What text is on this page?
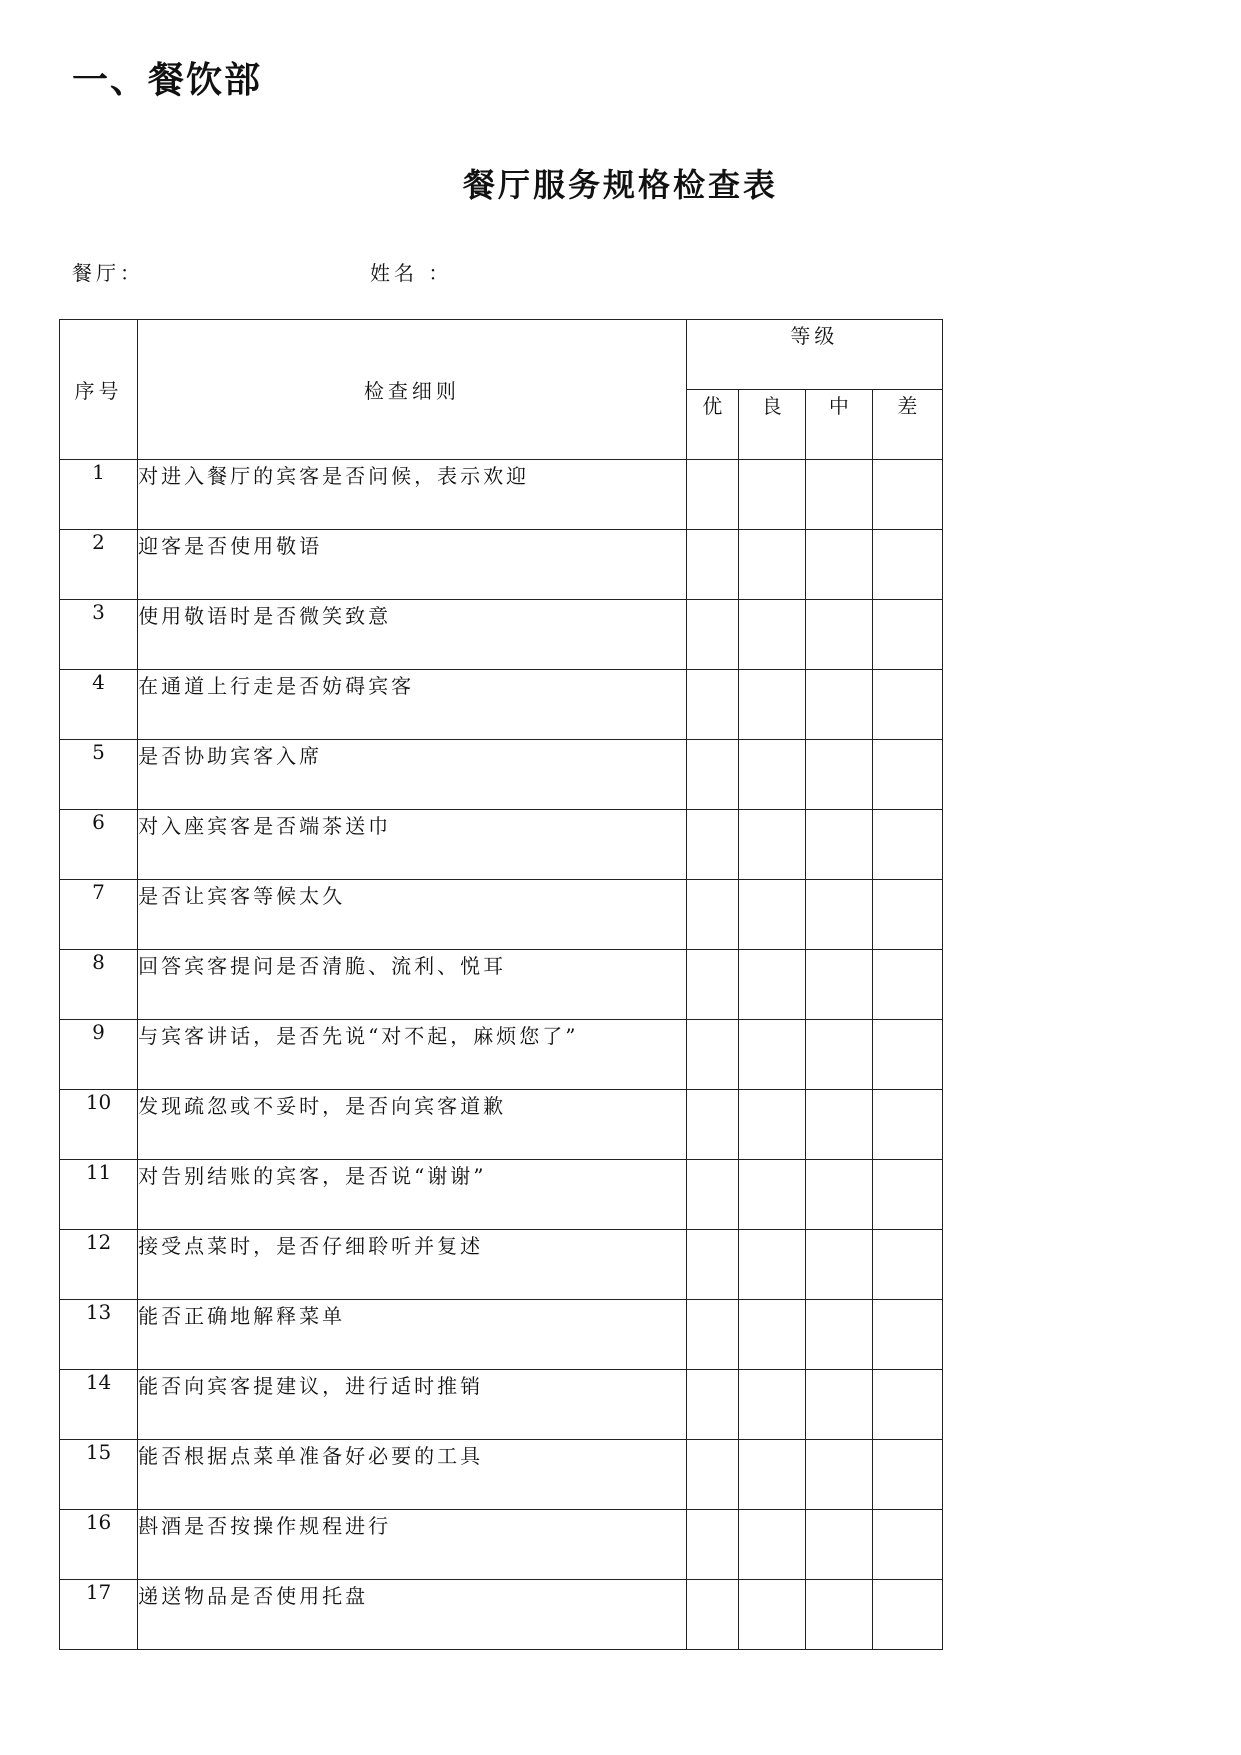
一、餐饮部
餐厅服务规格检查表
餐厅：	姓名 ：
序号	检查细则	等级			
		优	良	中	差
1	对进入餐厅的宾客是否问候，表示欢迎				
2	迎客是否使用敬语				
3	使用敬语时是否微笑致意				
4	在通道上行走是否妨碍宾客				
5	是否协助宾客入席				
6	对入座宾客是否端茶送巾				
7	是否让宾客等候太久				
8	回答宾客提问是否清脆、流利、悦耳				
9	与宾客讲话，是否先说“对不起，麻烦您了”				
10	发现疏忽或不妥时，是否向宾客道歉				
11	对告别结账的宾客，是否说“谢谢”				
12	接受点菜时，是否仔细聆听并复述				
13	能否正确地解释菜单				
14	能否向宾客提建议，进行适时推销				
15	能否根据点菜单准备好必要的工具				
16	斟酒是否按操作规程进行				
17	递送物品是否使用托盘				
